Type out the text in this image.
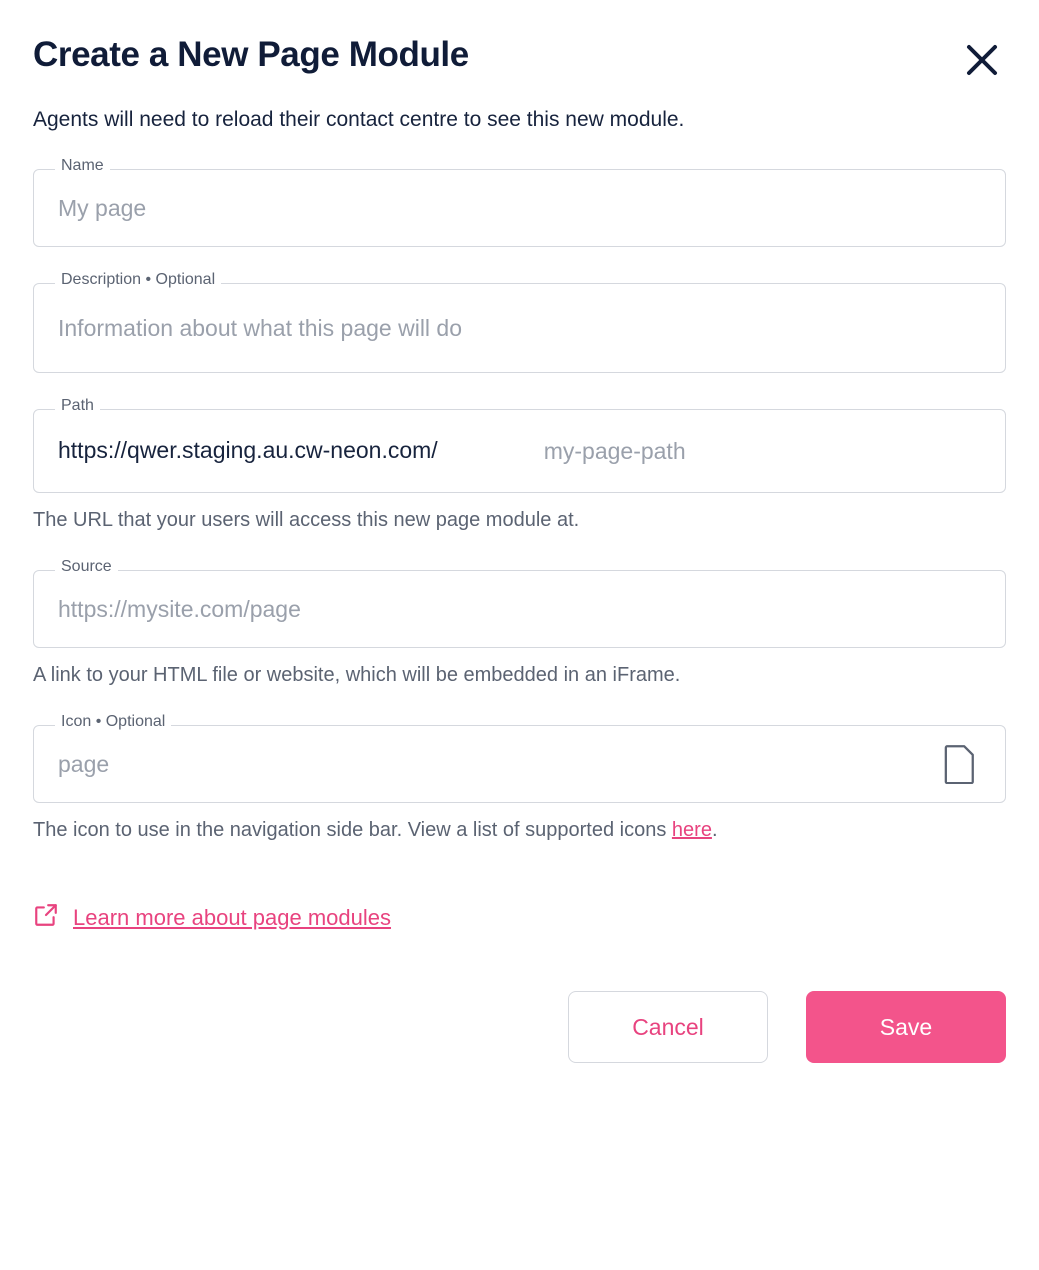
Create a New Page Module
Agents will need to reload their contact centre to see this new module.
Name
My page
Description • Optional
Information about what this page will do
Path
https://qwer.staging.au.cw-neon.com/	my-page-path
The URL that your users will access this new page module at.
Source
https://mysite.com/page
A link to your HTML file or website, which will be embedded in an iFrame.
Icon • Optional
page
The icon to use in the navigation side bar. View a list of supported icons here.
Learn more about page modules
Cancel	Save
